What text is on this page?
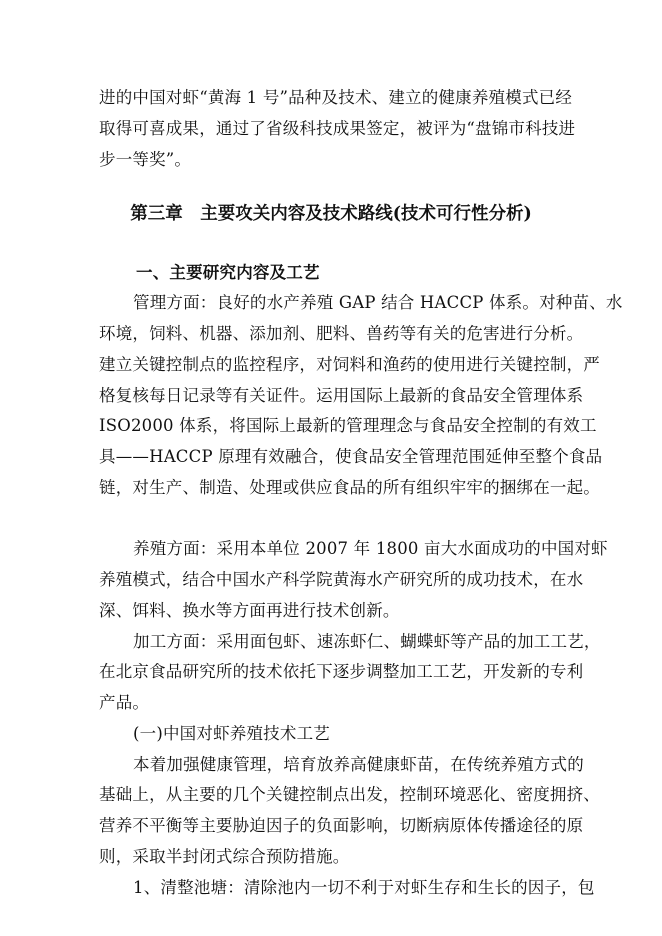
进的中国对虾“黄海 1 号”品种及技术、建立的健康养殖模式已经
取得可喜成果，通过了省级科技成果签定，被评为“盘锦市科技进
步一等奖”。
第三章　主要攻关内容及技术路线(技术可行性分析)
一、主要研究内容及工艺
管理方面：良好的水产养殖 GAP 结合 HACCP 体系。对种苗、水
环境，饲料、机器、添加剂、肥料、兽药等有关的危害进行分析。
建立关键控制点的监控程序，对饲料和渔药的使用进行关键控制，严
格复核每日记录等有关证件。运用国际上最新的食品安全管理体系
ISO2000 体系，将国际上最新的管理理念与食品安全控制的有效工
具——HACCP 原理有效融合，使食品安全管理范围延伸至整个食品
链，对生产、制造、处理或供应食品的所有组织牢牢的捆绑在一起。
养殖方面：采用本单位 2007 年 1800 亩大水面成功的中国对虾
养殖模式，结合中国水产科学院黄海水产研究所的成功技术，在水
深、饵料、换水等方面再进行技术创新。
加工方面：采用面包虾、速冻虾仁、蝴蝶虾等产品的加工工艺，
在北京食品研究所的技术依托下逐步调整加工工艺，开发新的专利
产品。
(一)中国对虾养殖技术工艺
本着加强健康管理，培育放养高健康虾苗，在传统养殖方式的
基础上，从主要的几个关键控制点出发，控制环境恶化、密度拥挤、
营养不平衡等主要胁迫因子的负面影响，切断病原体传播途径的原
则，采取半封闭式综合预防措施。
1、清整池塘：清除池内一切不利于对虾生存和生长的因子，包
